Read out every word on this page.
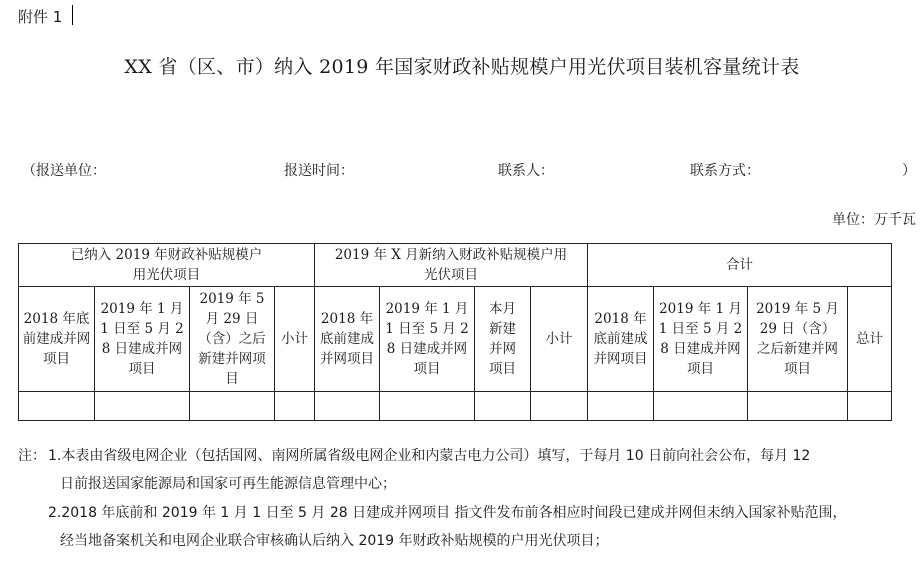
附件 1
XX 省（区、市）纳入 2019 年国家财政补贴规模户用光伏项目装机容量统计表
（ 报送单位：	报送时间：	联系人：	联系方式：	）
单位：万千瓦
已纳入 2019 年财政补贴规模户用光伏项目				2019 年 X 月新纳入财政补贴规模户用光伏项目				合计			

2018 年底前建成并网项目	2019 年 1 月 1 日至 5 月 28 日建成并网项目	2019 年 5 月 29 日（含）之后新建并网项目	小计	2018 年底前建成并网项目	2019 年 1 月 1 日至 5 月 28 日建成并网项目	本月新建并网项目	小计	2018 年底前建成并网项目	2019 年 1 月 1 日至 5 月 28 日建成并网项目	2019 年 5 月 29 日（含）之后新建并网项目	总计

注： 1.本表由省级电网企业（包括国网、南网所属省级电网企业和内蒙古电力公司）填写，于每月 10 日前向社会公布，每月 12
日前报送国家能源局和国家可再生能源信息管理中心；
2.2018 年底前和 2019 年 1 月 1 日至 5 月 28 日建成并网项目 指文件发布前各相应时间段已建成并网但未纳入国家补贴范围，
经当地备案机关和电网企业联合审核确认后纳入 2019 年财政补贴规模的户用光伏项目；
